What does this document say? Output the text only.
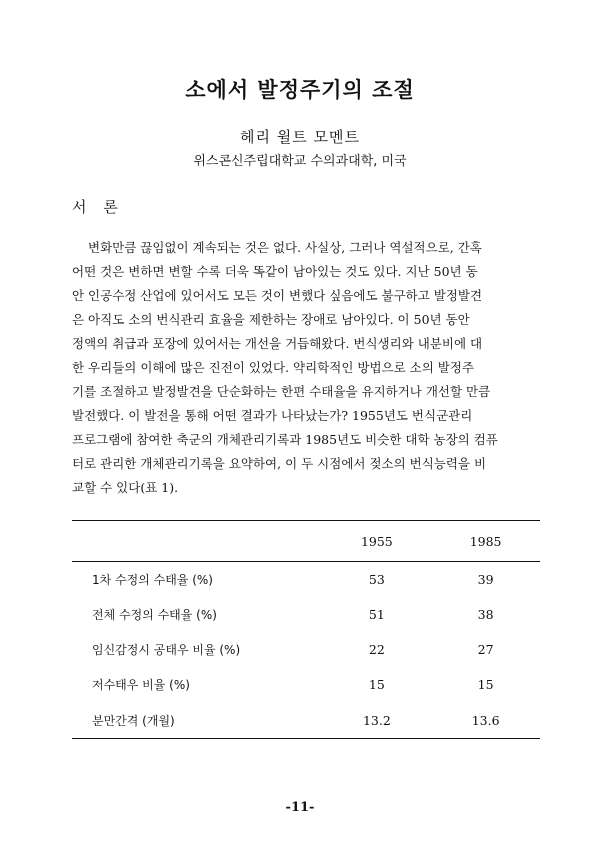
소에서 발정주기의 조절
헤리 윌트 모멘트
위스콘신주립대학교 수의과대학, 미국
서 론
변화만큼 끊임없이 계속되는 것은 없다. 사실상, 그러나 역설적으로, 간혹
어떤 것은 변하면 변할 수록 더욱 똑같이 남아있는 것도 있다. 지난 50년 동
안 인공수정 산업에 있어서도 모든 것이 변했다 싶음에도 불구하고 발정발견
은 아직도 소의 번식관리 효율을 제한하는 장애로 남아있다. 이 50년 동안
정액의 취급과 포장에 있어서는 개선을 거듭해왔다. 번식생리와 내분비에 대
한 우리들의 이해에 많은 진전이 있었다. 약리학적인 방법으로 소의 발정주
기를 조절하고 발정발견을 단순화하는 한편 수태율을 유지하거나 개선할 만큼
발전했다. 이 발전을 통해 어떤 결과가 나타났는가? 1955년도 번식군관리
프로그램에 참여한 축군의 개체관리기록과 1985년도 비슷한 대학 농장의 컴퓨
터로 관리한 개체관리기록을 요약하여, 이 두 시점에서 젖소의 번식능력을 비
교할 수 있다(표 1).
	1955	1985
1차 수정의 수태율 (%)	53	39
전체 수정의 수태율 (%)	51	38
임신감정시 공태우 비율 (%)	22	27
저수태우 비율 (%)	15	15
분만간격 (개월)	13.2	13.6
-11-
